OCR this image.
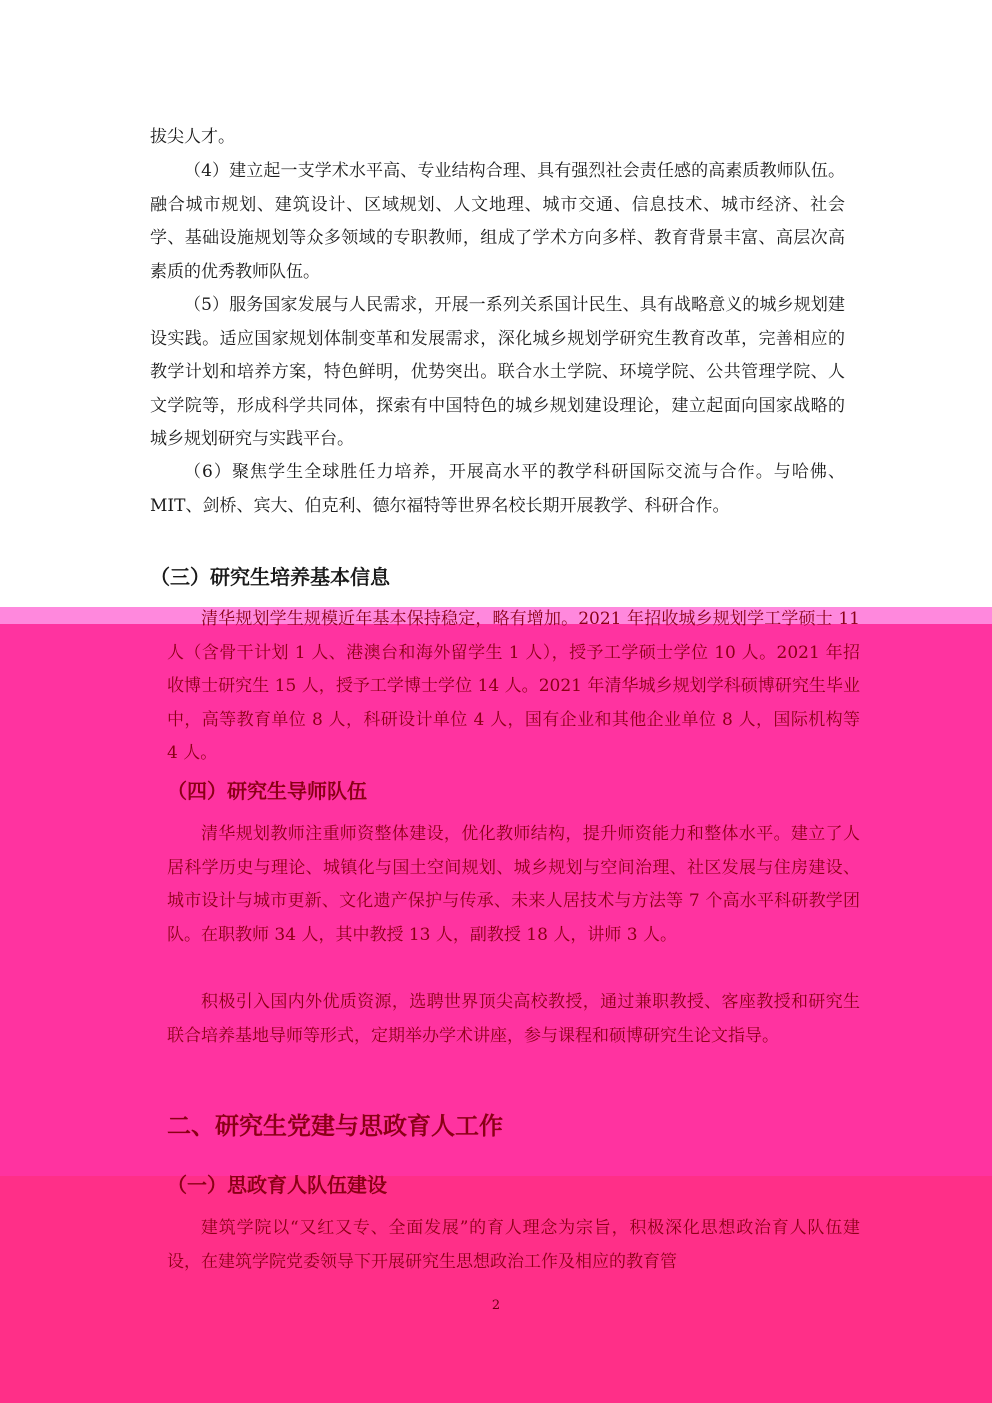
拔尖人才。

（4）建立起一支学术水平高、专业结构合理、具有强烈社会责任感的高素质教师队伍。融合城市规划、建筑设计、区域规划、人文地理、城市交通、信息技术、城市经济、社会学、基础设施规划等众多领域的专职教师，组成了学术方向多样、教育背景丰富、高层次高素质的优秀教师队伍。

（5）服务国家发展与人民需求，开展一系列关系国计民生、具有战略意义的城乡规划建设实践。适应国家规划体制变革和发展需求，深化城乡规划学研究生教育改革，完善相应的教学计划和培养方案，特色鲜明，优势突出。联合水土学院、环境学院、公共管理学院、人文学院等，形成科学共同体，探索有中国特色的城乡规划建设理论，建立起面向国家战略的城乡规划研究与实践平台。

（6）聚焦学生全球胜任力培养，开展高水平的教学科研国际交流与合作。与哈佛、MIT、剑桥、宾大、伯克利、德尔福特等世界名校长期开展教学、科研合作。

（三）研究生培养基本信息

清华规划学生规模近年基本保持稳定，略有增加。2021 年招收城乡规划学工学硕士 11 人（含骨干计划 1 人、港澳台和海外留学生 1 人），授予工学硕士学位 10 人。2021 年招收博士研究生 15 人，授予工学博士学位 14 人。2021 年清华城乡规划学科硕博研究生毕业中，高等教育单位 8 人，科研设计单位 4 人，国有企业和其他企业单位 8 人，国际机构等 4 人。

（四）研究生导师队伍

清华规划教师注重师资整体建设，优化教师结构，提升师资能力和整体水平。建立了人居科学历史与理论、城镇化与国土空间规划、城乡规划与空间治理、社区发展与住房建设、城市设计与城市更新、文化遗产保护与传承、未来人居技术与方法等 7 个高水平科研教学团队。在职教师 34 人，其中教授 13 人，副教授 18 人，讲师 3 人。

积极引入国内外优质资源，选聘世界顶尖高校教授，通过兼职教授、客座教授和研究生联合培养基地导师等形式，定期举办学术讲座，参与课程和硕博研究生论文指导。

二、研究生党建与思政育人工作
（一）思政育人队伍建设

建筑学院以“又红又专、全面发展”的育人理念为宗旨，积极深化思想政治育人队伍建设，在建筑学院党委领导下开展研究生思想政治工作及相应的教育管

2
